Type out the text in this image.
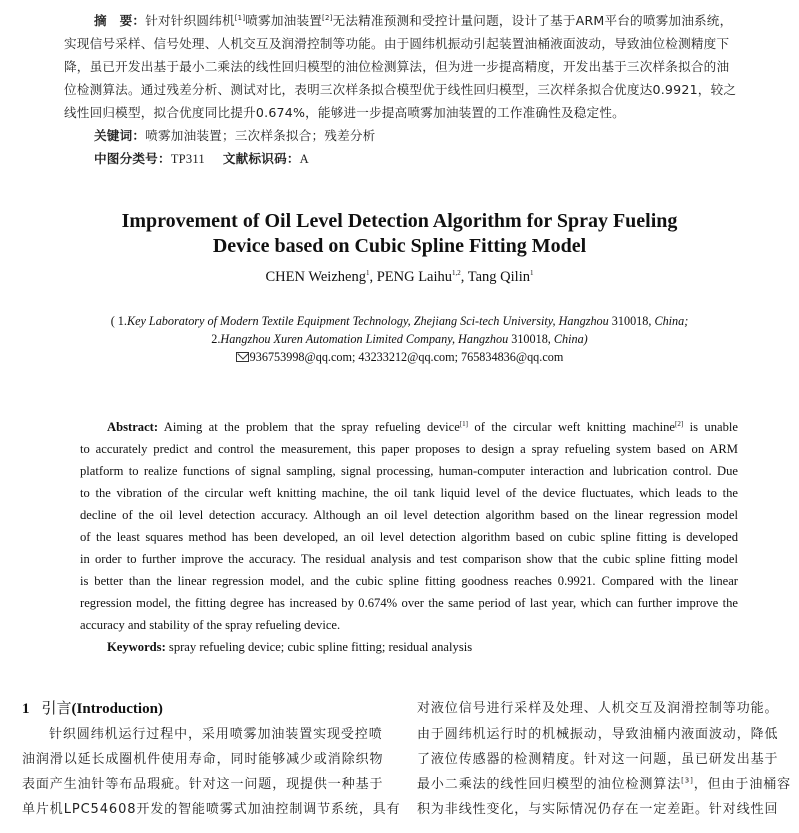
摘　要：针对针织圆纬机[1]喷雾加油装置[2]无法精准预测和受控计量问题，设计了基于ARM平台的喷雾加油系统，
实现信号采样、信号处理、人机交互及润滑控制等功能。由于圆纬机振动引起装置油桶液面波动，导致油位检测精度下
降，虽已开发出基于最小二乘法的线性回归模型的油位检测算法，但为进一步提高精度，开发出基于三次样条拟合的油
位检测算法。通过残差分析、测试对比，表明三次样条拟合模型优于线性回归模型，三次样条拟合优度达0.9921，较之
线性回归模型，拟合优度同比提升0.674%，能够进一步提高喷雾加油装置的工作准确性及稳定性。
关键词：喷雾加油装置；三次样条拟合；残差分析
中图分类号：TP311 文献标识码：A
Improvement of Oil Level Detection Algorithm for Spray Fueling
Device based on Cubic Spline Fitting Model
CHEN Weizheng$^1$, PENG Laihu$^{1,2}$, Tang Qilin$^1$
( 1.Key Laboratory of Modern Textile Equipment Technology, Zhejiang Sci-tech University, Hangzhou 310018, China;
2.Hangzhou Xuren Automation Limited Company, Hangzhou 310018, China)
936753998@qq.com; 43233212@qq.com; 765834836@qq.com
Abstract: Aiming at the problem that the spray refueling device[1] of the circular weft knitting machine[2] is unable
to accurately predict and control the measurement, this paper proposes to design a spray refueling system based on ARM
platform to realize functions of signal sampling, signal processing, human-computer interaction and lubrication control. Due
to the vibration of the circular weft knitting machine, the oil tank liquid level of the device fluctuates, which leads to the
decline of the oil level detection accuracy. Although an oil level detection algorithm based on the linear regression model
of the least squares method has been developed, an oil level detection algorithm based on cubic spline fitting is developed
in order to further improve the accuracy. The residual analysis and test comparison show that the cubic spline fitting model
is better than the linear regression model, and the cubic spline fitting goodness reaches 0.9921. Compared with the linear
regression model, the fitting degree has increased by 0.674% over the same period of last year, which can further improve the
accuracy and stability of the spray refueling device.
Keywords: spray refueling device; cubic spline fitting; residual analysis
1 引言(Introduction)
针织圆纬机运行过程中，采用喷雾加油装置实现受控喷
油润滑以延长成圈机件使用寿命，同时能够减少或消除织物
表面产生油针等布品瑕疵。针对这一问题，现提供一种基于
单片机LPC54608开发的智能喷雾式加油控制调节系统，具有
对液位信号进行采样及处理、人机交互及润滑控制等功能。
由于圆纬机运行时的机械振动，导致油桶内液面波动，降低
了液位传感器的检测精度。针对这一问题，虽已研发出基于
最小二乘法的线性回归模型的油位检测算法[3]，但由于油桶容
积为非线性变化，与实际情况仍存在一定差距。针对线性回
